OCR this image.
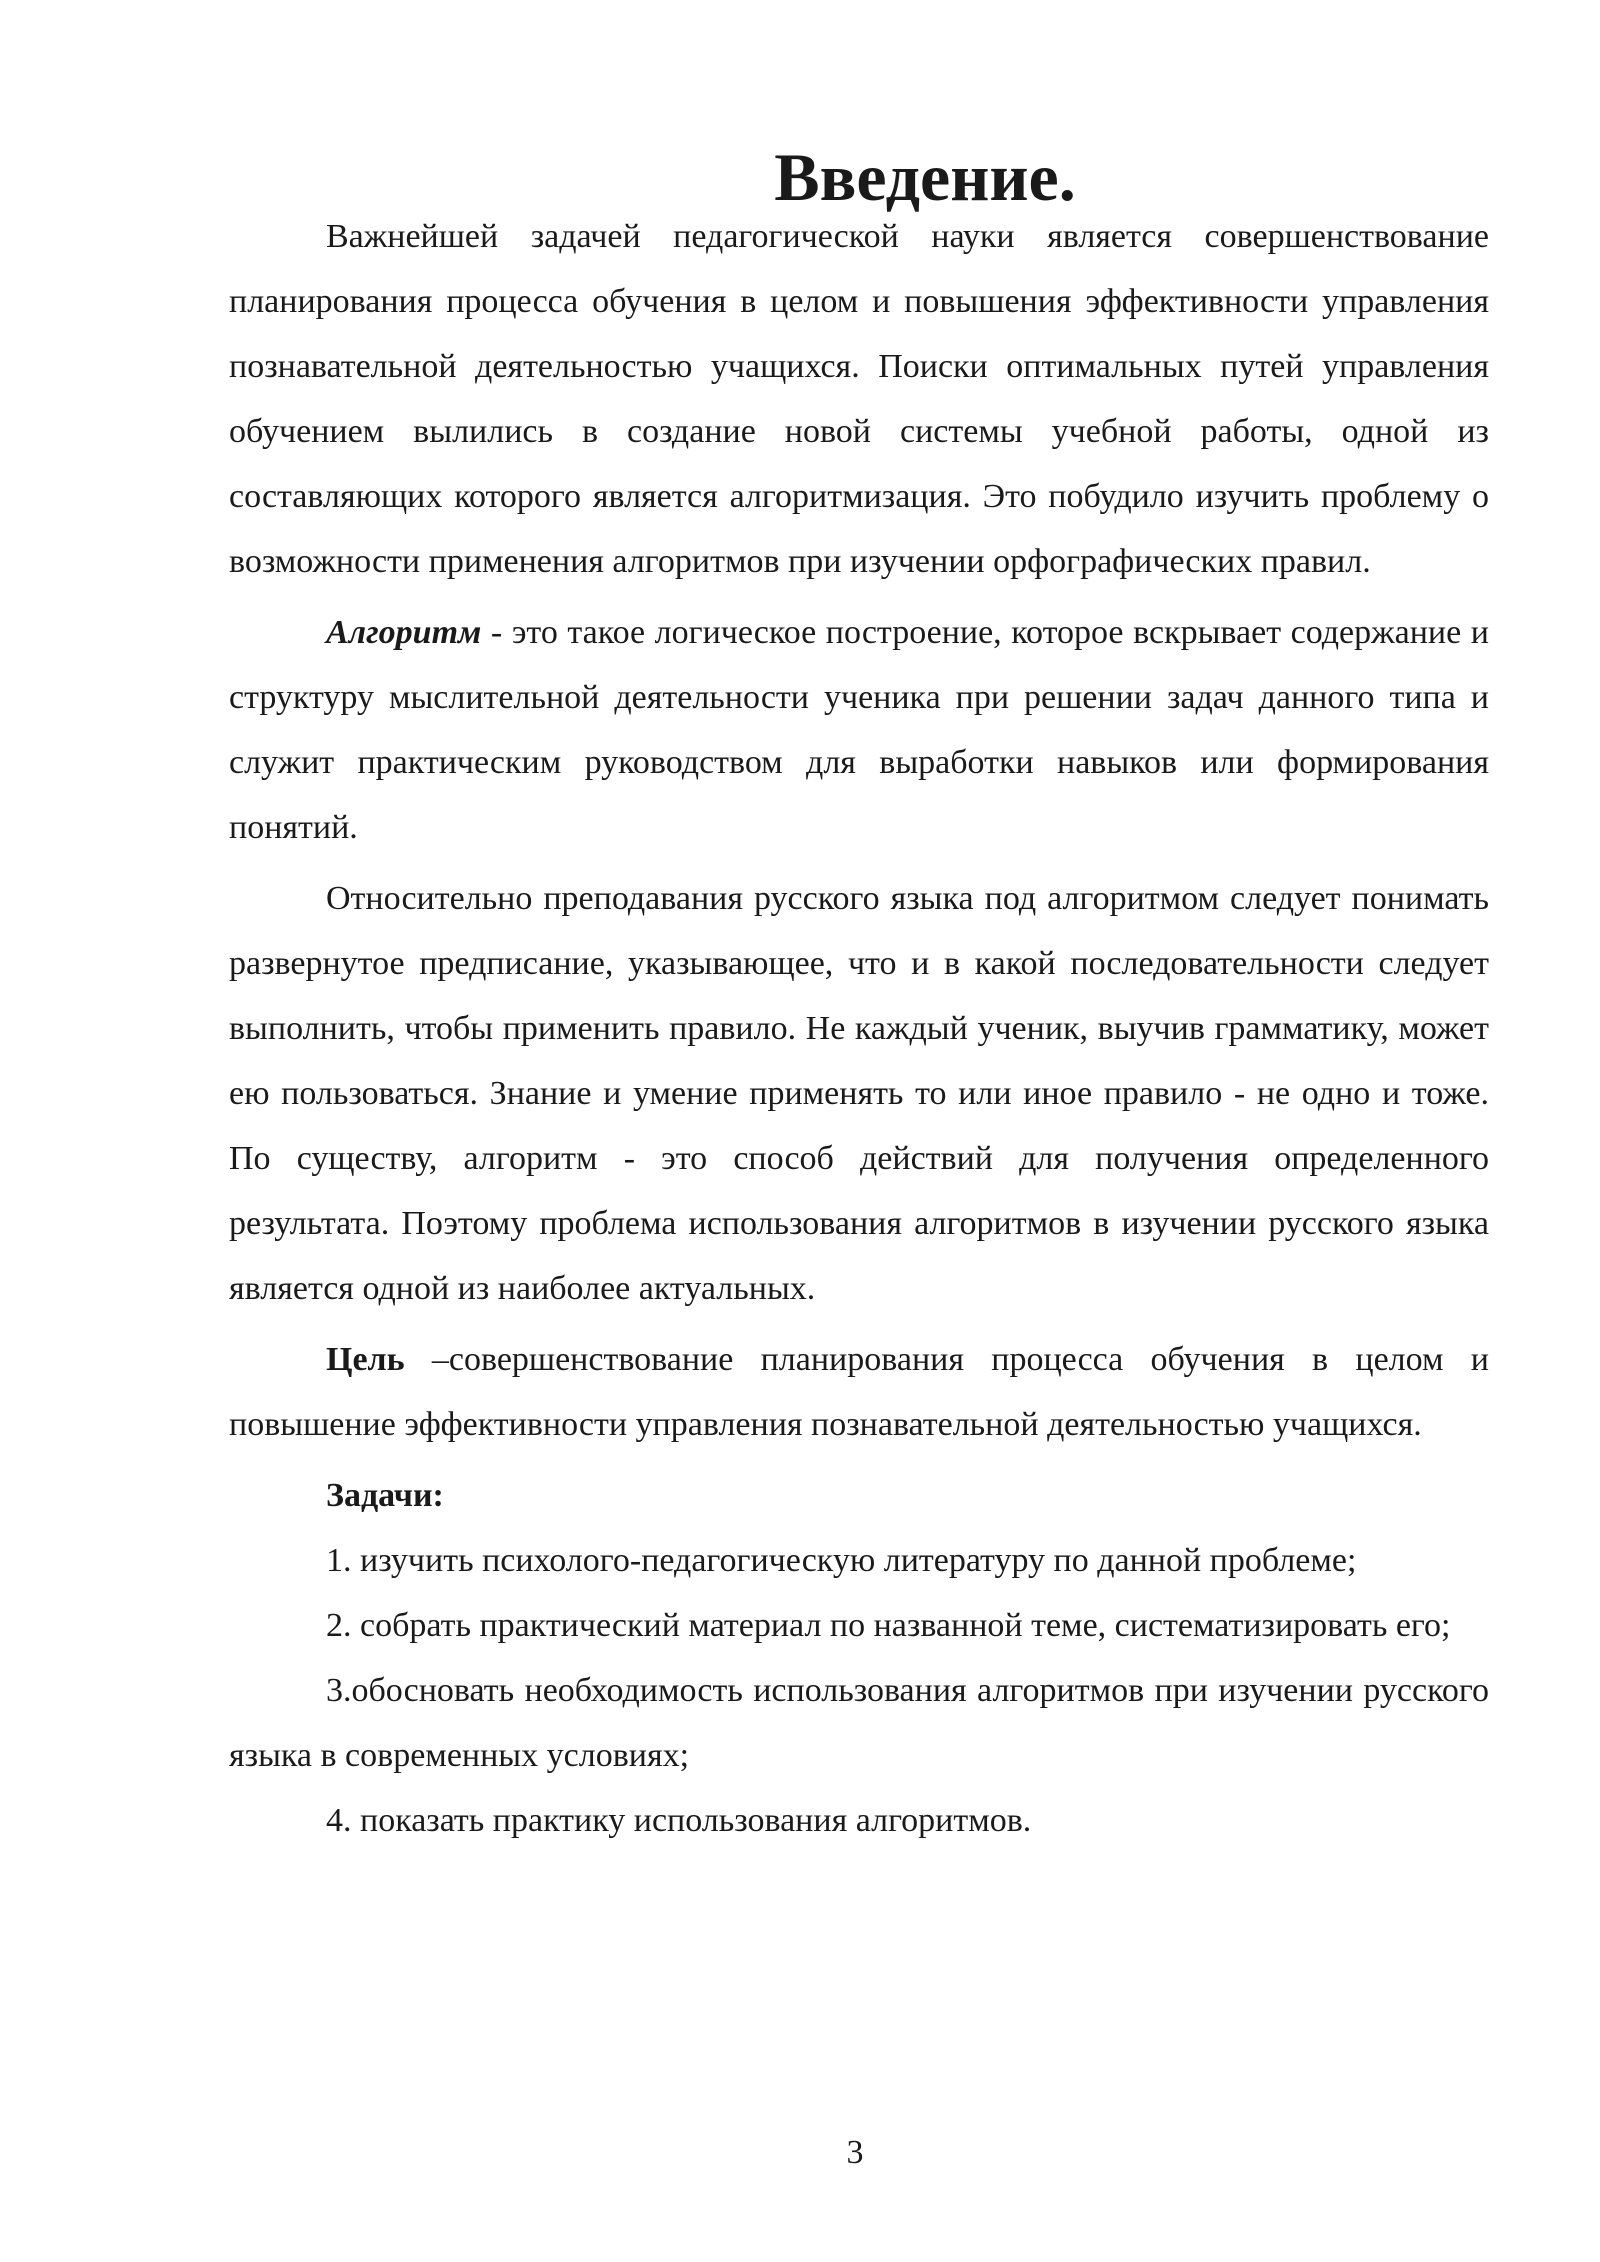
Введение.

Важнейшей задачей педагогической науки является совершенствование планирования процесса обучения в целом и повышения эффективности управления познавательной деятельностью учащихся. Поиски оптимальных путей управления обучением вылились в создание новой системы учебной работы, одной из составляющих которого является алгоритмизация. Это побудило изучить проблему о возможности применения алгоритмов при изучении орфографических правил.

Алгоритм - это такое логическое построение, которое вскрывает содержание и структуру мыслительной деятельности ученика при решении задач данного типа и служит практическим руководством для выработки навыков или формирования понятий.

Относительно преподавания русского языка под алгоритмом следует понимать развернутое предписание, указывающее, что и в какой последовательности следует выполнить, чтобы применить правило. Не каждый ученик, выучив грамматику, может ею пользоваться. Знание и умение применять то или иное правило - не одно и тоже. По существу, алгоритм - это способ действий для получения определенного результата. Поэтому проблема использования алгоритмов в изучении русского языка является одной из наиболее актуальных.

Цель –совершенствование планирования процесса обучения в целом и повышение эффективности управления познавательной деятельностью учащихся.

Задачи:

1. изучить психолого-педагогическую литературу по данной проблеме;

2. собрать практический материал по названной теме, систематизировать его;

3.обосновать необходимость использования алгоритмов при изучении русского языка в современных условиях;

4. показать практику использования алгоритмов.

3
